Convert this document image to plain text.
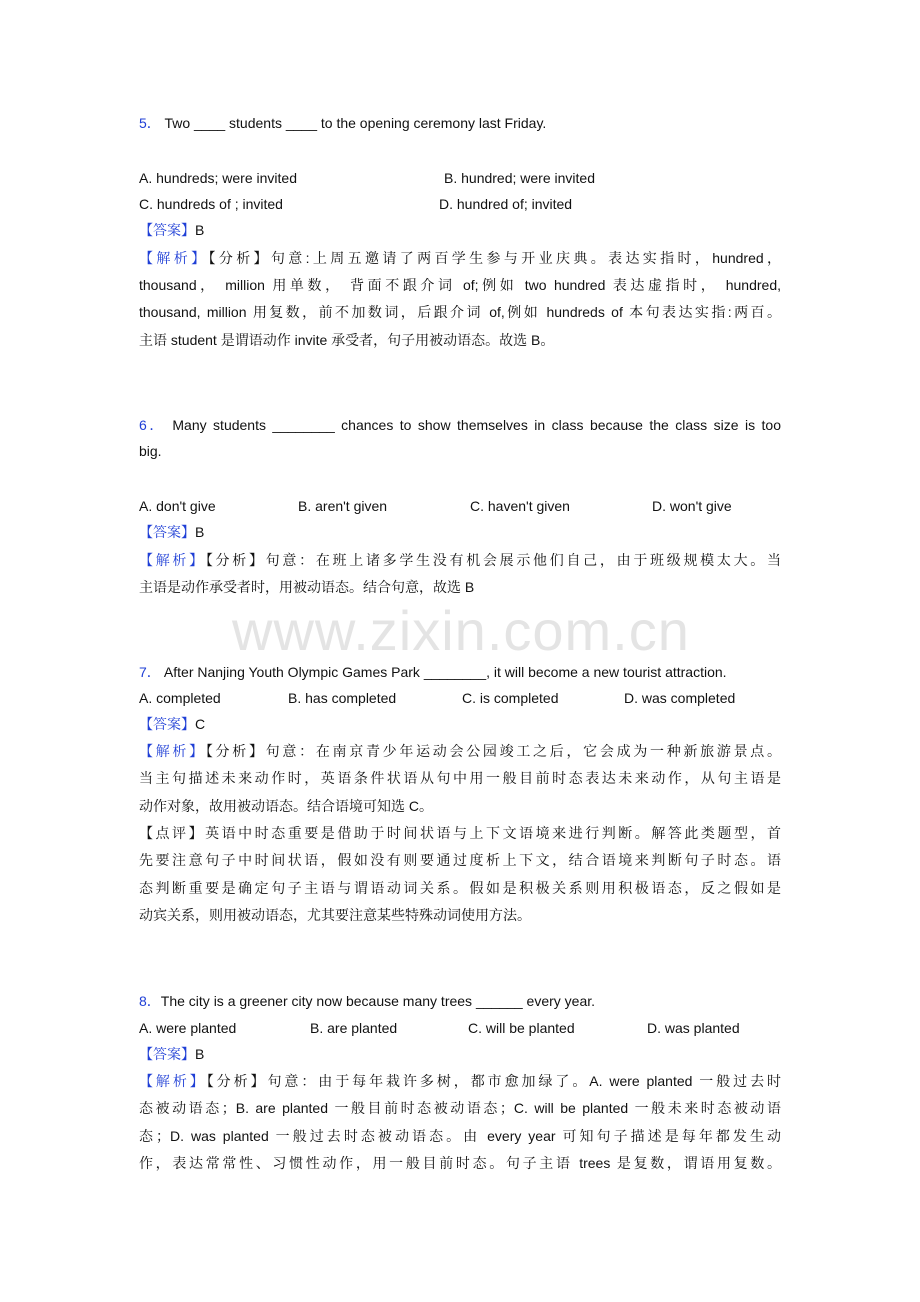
www.zixin.com.cn
5． Two ____ students ____ to the opening ceremony last Friday.
A. hundreds; were invited	B. hundred; were invited
C. hundreds of ; invited	D. hundred of; invited
【答案】B
【解析】【分析】句意:上周五邀请了两百学生参与开业庆典。表达实指时，hundred，
thousand， million 用单数， 背面不跟介词 of;例如 two hundred 表达虚指时， hundred,
thousand, million 用复数，前不加数词，后跟介词 of,例如 hundreds of 本句表达实指:两百。
主语 student 是谓语动作 invite 承受者，句子用被动语态。故选 B。
6． Many students ________ chances to show themselves in class because the class size is too
big.
A. don't give	B. aren't given	C. haven't given	D. won't give
【答案】B
【解析】【分析】句意：在班上诸多学生没有机会展示他们自己，由于班级规模太大。当
主语是动作承受者时，用被动语态。结合句意，故选 B
7． After Nanjing Youth Olympic Games Park ________, it will become a new tourist attraction.
A. completed	B. has completed	C. is completed	D. was completed
【答案】C
【解析】【分析】句意：在南京青少年运动会公园竣工之后，它会成为一种新旅游景点。
当主句描述未来动作时，英语条件状语从句中用一般目前时态表达未来动作，从句主语是
动作对象，故用被动语态。结合语境可知选 C。
【点评】英语中时态重要是借助于时间状语与上下文语境来进行判断。解答此类题型，首
先要注意句子中时间状语，假如没有则要通过度析上下文，结合语境来判断句子时态。语
态判断重要是确定句子主语与谓语动词关系。假如是积极关系则用积极语态，反之假如是
动宾关系，则用被动语态，尤其要注意某些特殊动词使用方法。
8．The city is a greener city now because many trees ______ every year.
A. were planted	B. are planted	C. will be planted	D. was planted
【答案】B
【解析】【分析】句意：由于每年栽许多树，都市愈加绿了。A. were planted 一般过去时
态被动语态；B. are planted 一般目前时态被动语态；C. will be planted 一般未来时态被动语
态；D. was planted 一般过去时态被动语态。由 every year 可知句子描述是每年都发生动
作，表达常常性、习惯性动作，用一般目前时态。句子主语 trees 是复数，谓语用复数。
